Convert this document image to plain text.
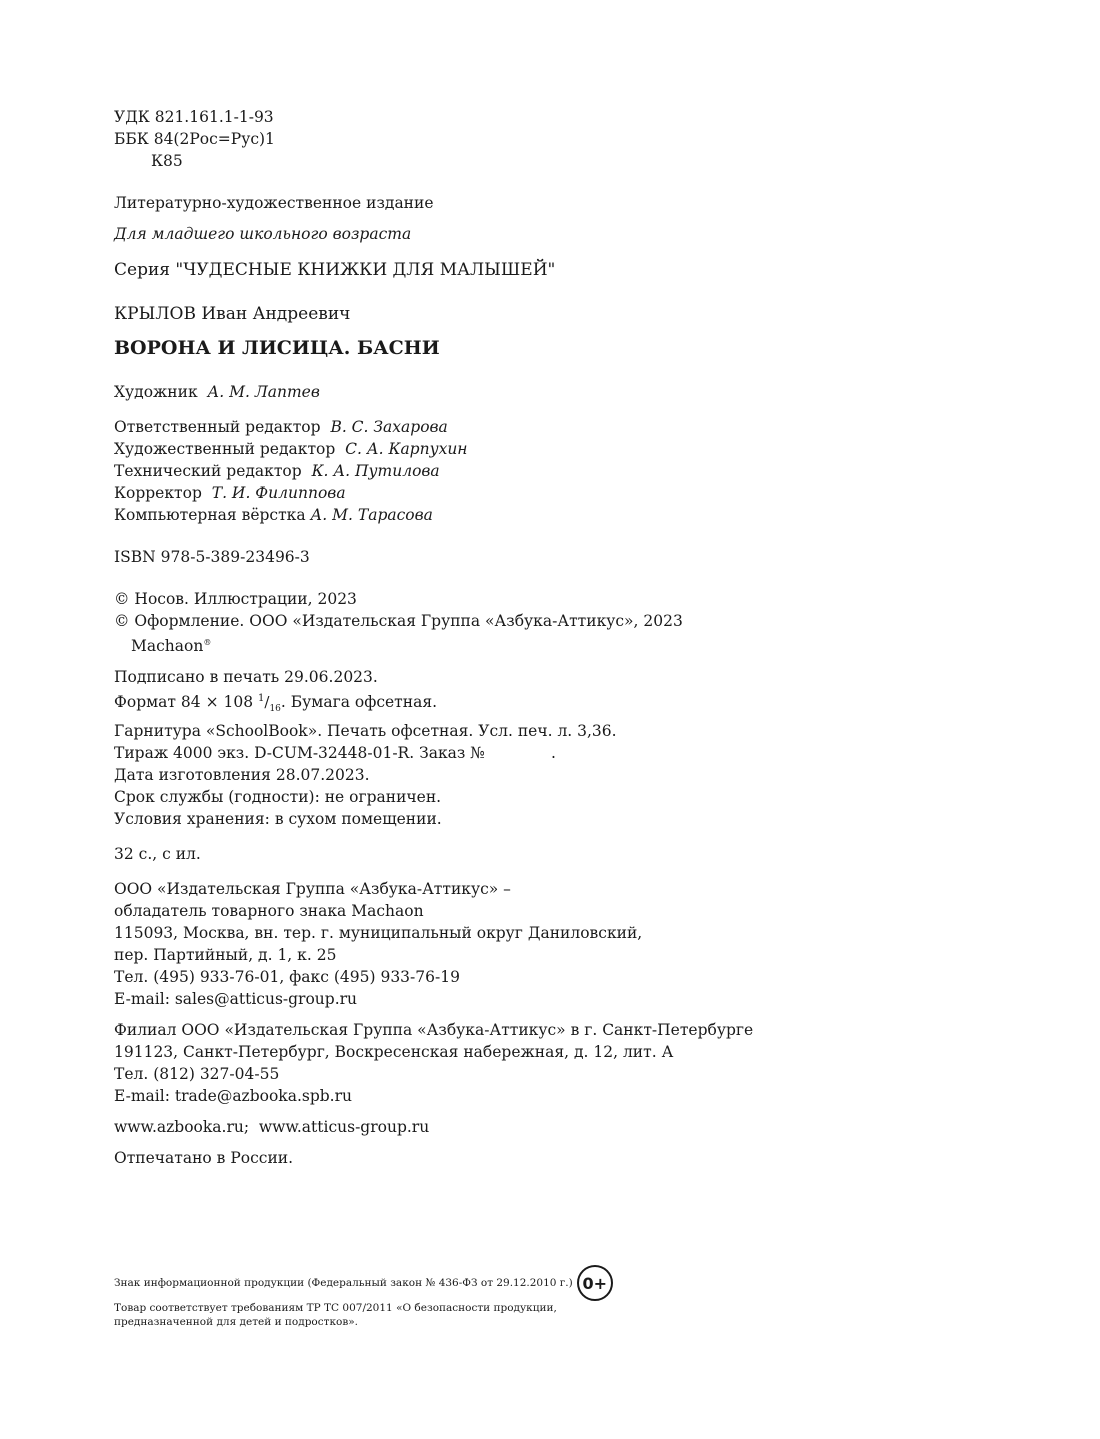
УДК 821.161.1-1-93
ББК 84(2Рос=Рус)1
К85
Литературно-художественное издание
Для младшего школьного возраста
Серия "ЧУДЕСНЫЕ КНИЖКИ ДЛЯ МАЛЫШЕЙ"
КРЫЛОВ Иван Андреевич
ВОРОНА И ЛИСИЦА. БАСНИ
Художник А. М. Лаптев
Ответственный редактор В. С. Захарова
Художественный редактор С. А. Карпухин
Технический редактор К. А. Путилова
Корректор Т. И. Филиппова
Компьютерная вёрстка А. М. Тарасова
ISBN 978-5-389-23496-3
© Носов. Иллюстрации, 2023
© Оформление. ООО «Издательская Группа «Азбука-Аттикус», 2023
Machaon®
Подписано в печать 29.06.2023.
Формат 84 × 108 $^1/_{16}$. Бумага офсетная.
Гарнитура «SchoolBook». Печать офсетная. Усл. печ. л. 3,36.
Тираж 4000 экз. D-CUM-32448-01-R. Заказ №	.
Дата изготовления 28.07.2023.
Срок службы (годности): не ограничен.
Условия хранения: в сухом помещении.
32 с., с ил.
ООО «Издательская Группа «Азбука-Аттикус» –
обладатель товарного знака Machaon
115093, Москва, вн. тер. г. муниципальный округ Даниловский,
пер. Партийный, д. 1, к. 25
Тел. (495) 933-76-01, факс (495) 933-76-19
E-mail: sales@atticus-group.ru
Филиал ООО «Издательская Группа «Азбука-Аттикус» в г. Санкт-Петербурге
191123, Санкт-Петербург, Воскресенская набережная, д. 12, лит. А
Тел. (812) 327-04-55
E-mail: trade@azbooka.spb.ru
www.azbooka.ru;  www.atticus-group.ru
Отпечатано в России.
Знак информационной продукции (Федеральный закон № 436-ФЗ от 29.12.2010 г.) 0+
Товар соответствует требованиям ТР ТС 007/2011 «О безопасности продукции,
предназначенной для детей и подростков».
